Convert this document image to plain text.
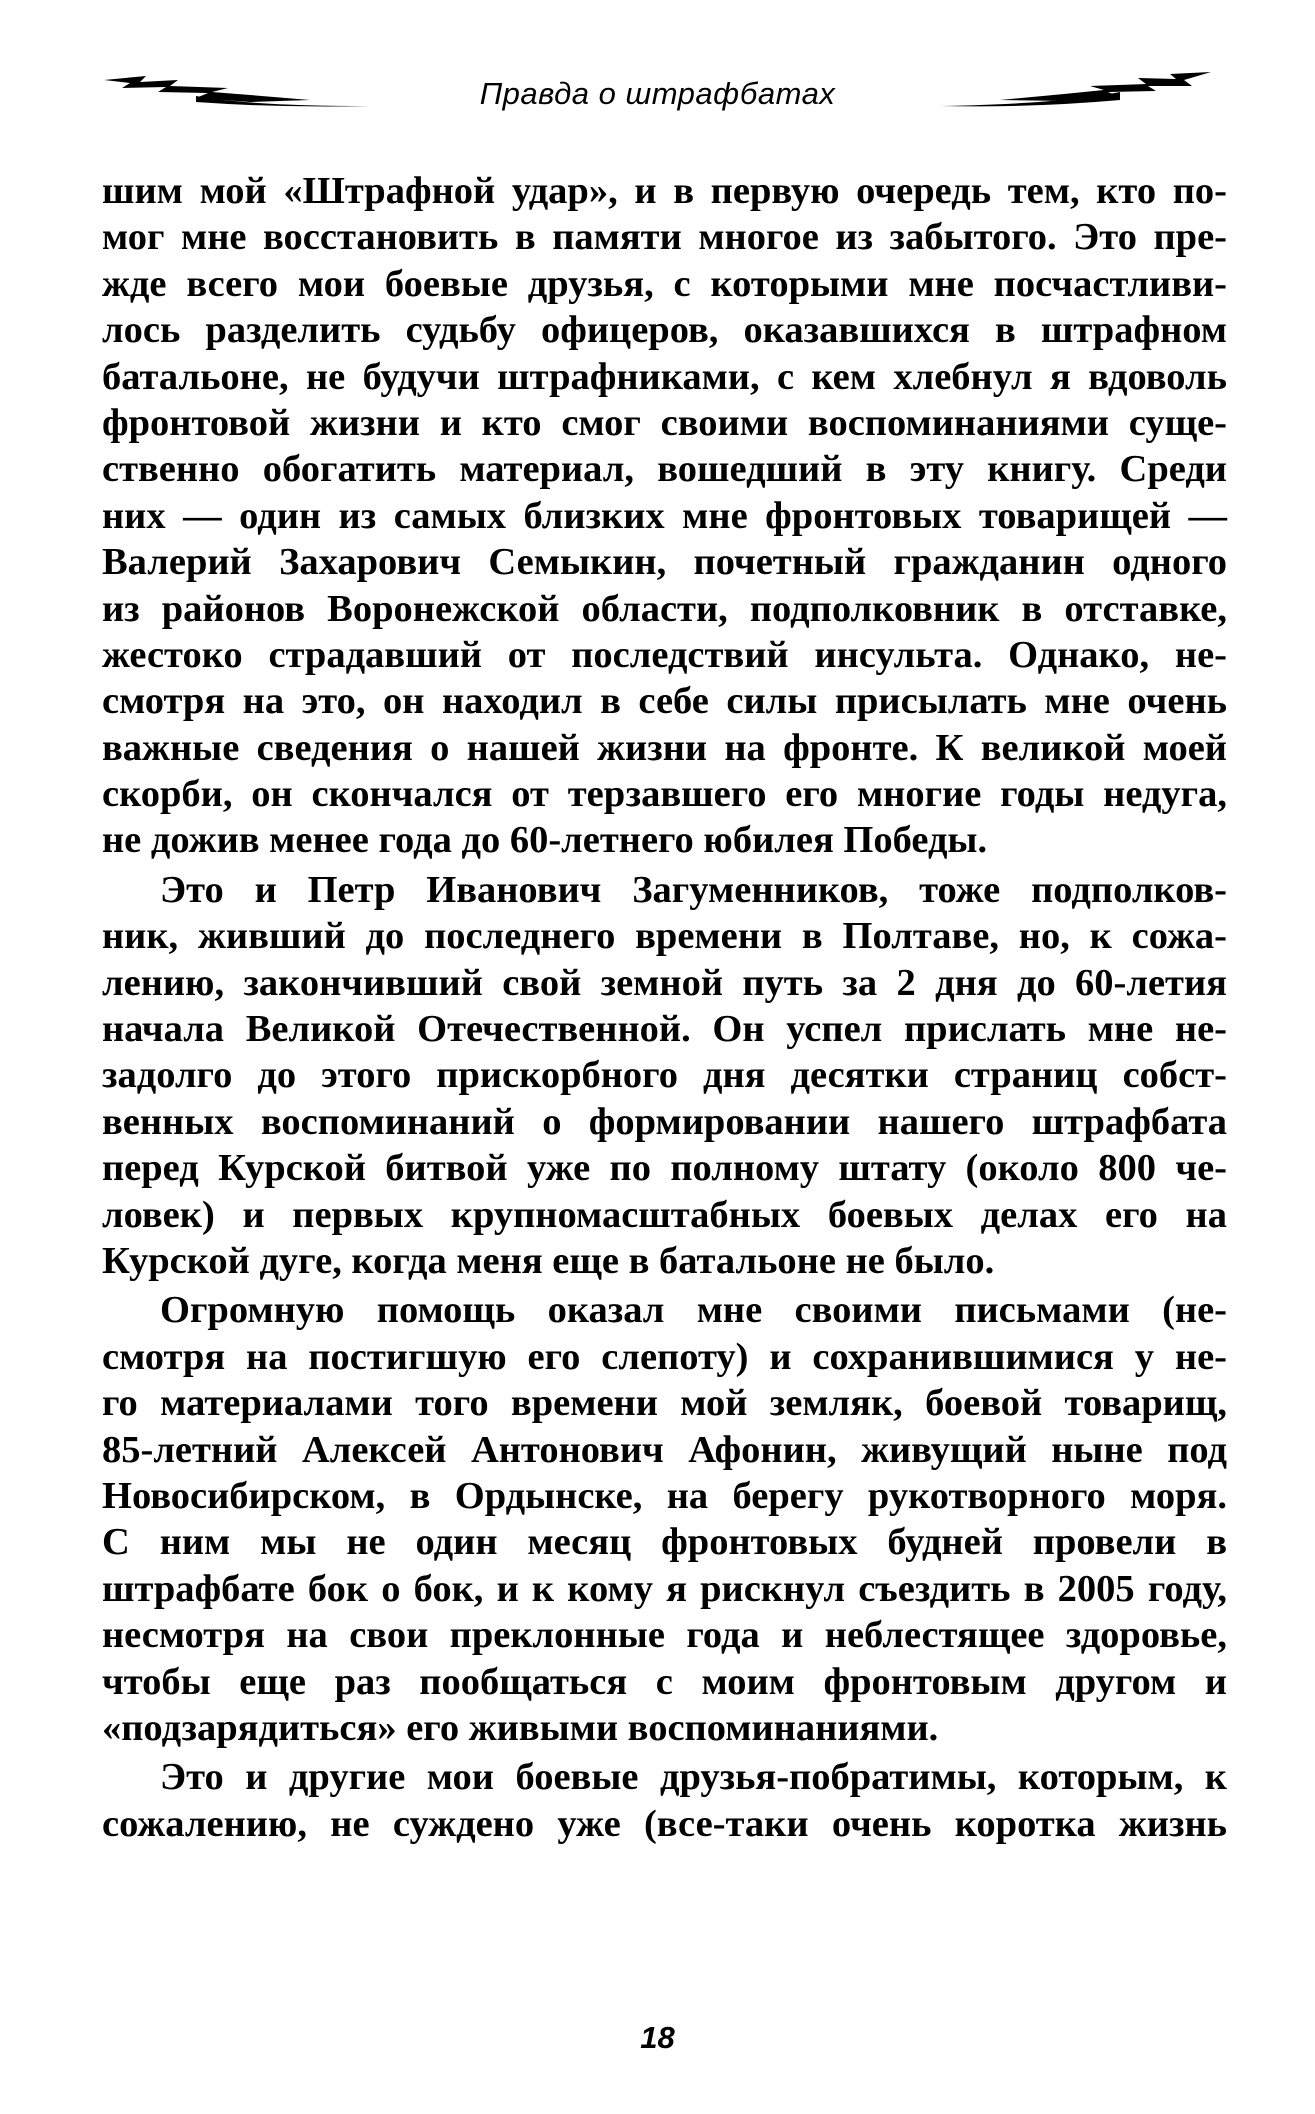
Правда о штрафбатах
шим мой «Штрафной удар», и в первую очередь тем, кто по-
мог мне восстановить в памяти многое из забытого. Это пре-
жде всего мои боевые друзья, с которыми мне посчастливи-
лось разделить судьбу офицеров, оказавшихся в штрафном
батальоне, не будучи штрафниками, с кем хлебнул я вдоволь
фронтовой жизни и кто смог своими воспоминаниями суще-
ственно обогатить материал, вошедший в эту книгу. Среди
них — один из самых близких мне фронтовых товарищей —
Валерий Захарович Семыкин, почетный гражданин одного
из районов Воронежской области, подполковник в отставке,
жестоко страдавший от последствий инсульта. Однако, не-
смотря на это, он находил в себе силы присылать мне очень
важные сведения о нашей жизни на фронте. К великой моей
скорби, он скончался от терзавшего его многие годы недуга,
не дожив менее года до 60-летнего юбилея Победы.
Это и Петр Иванович Загуменников, тоже подполков-
ник, живший до последнего времени в Полтаве, но, к сожа-
лению, закончивший свой земной путь за 2 дня до 60-летия
начала Великой Отечественной. Он успел прислать мне не-
задолго до этого прискорбного дня десятки страниц собст-
венных воспоминаний о формировании нашего штрафбата
перед Курской битвой уже по полному штату (около 800 че-
ловек) и первых крупномасштабных боевых делах его на
Курской дуге, когда меня еще в батальоне не было.
Огромную помощь оказал мне своими письмами (не-
смотря на постигшую его слепоту) и сохранившимися у не-
го материалами того времени мой земляк, боевой товарищ,
85-летний Алексей Антонович Афонин, живущий ныне под
Новосибирском, в Ордынске, на берегу рукотворного моря.
С ним мы не один месяц фронтовых будней провели в
штрафбате бок о бок, и к кому я рискнул съездить в 2005 году,
несмотря на свои преклонные года и неблестящее здоровье,
чтобы еще раз пообщаться с моим фронтовым другом и
«подзарядиться» его живыми воспоминаниями.
Это и другие мои боевые друзья-побратимы, которым, к
сожалению, не суждено уже (все-таки очень коротка жизнь
18
